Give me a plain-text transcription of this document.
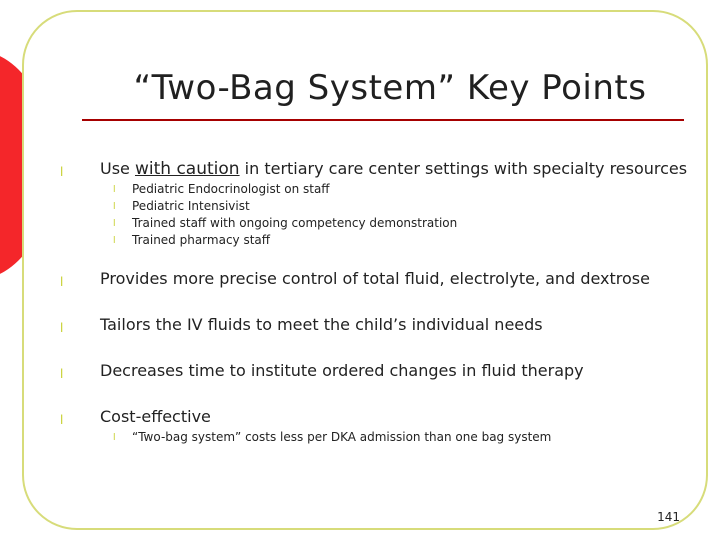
“Two-Bag System” Key Points
l	Use with caution in tertiary care center settings with specialty resources
l Pediatric Endocrinologist on staff
l Pediatric Intensivist
l Trained staff with ongoing competency demonstration
l Trained pharmacy staff
l	Provides more precise control of total fluid, electrolyte, and dextrose
l	Tailors the IV fluids to meet the child’s individual needs
l	Decreases time to institute ordered changes in fluid therapy
l	Cost-effective
l “Two-bag system” costs less per DKA admission than one bag system
141
